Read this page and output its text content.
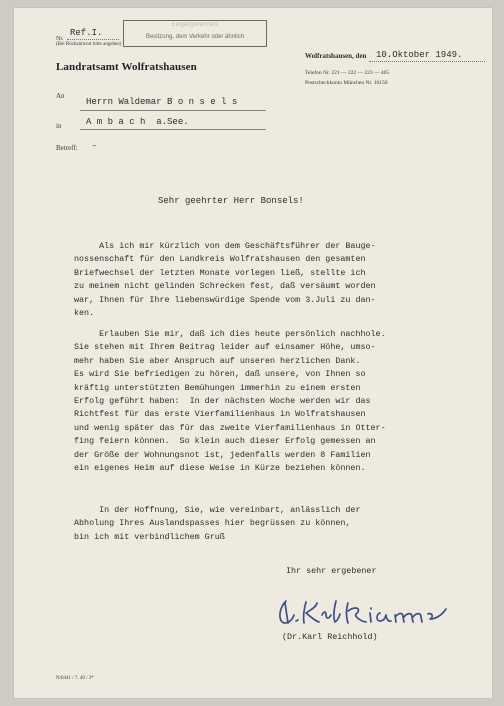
Nr.
Ref.I.
(Bei Rückantwort bitte angeben)
Eingangsvermerk
Besitzung, dem Verkehr oder ähnlich
Landratsamt Wolfratshausen
Wolfratshausen, den 10.Oktober 1949.
Telefon Nr. 221 — 222 — 223 — 405
Postscheckkonto München Nr. 16150
An
Herrn Waldemar B o n s e l s
in	A m b a c h  a.See.
Betreff: –
Sehr geehrter Herr Bonsels!
Als ich mir kürzlich von dem Geschäftsführer der Bauge-
nossenschaft für den Landkreis Wolfratshausen den gesamten
Briefwechsel der letzten Monate vorlegen ließ, stellte ich
zu meinem nicht gelinden Schrecken fest, daß versäumt worden
war, Ihnen für Ihre liebenswürdige Spende vom 3.Juli zu dan-
ken.
Erlauben Sie mir, daß ich dies heute persönlich nachhole.
Sie stehen mit Ihrem Beitrag leider auf einsamer Höhe, umso-
mehr haben Sie aber Anspruch auf unseren herzlichen Dank.
Es wird Sie befriedigen zu hören, daß unsere, von Ihnen so
kräftig unterstützten Bemühungen immerhin zu einem ersten
Erfolg geführt haben:  In der nächsten Woche werden wir das
Richtfest für das erste Vierfamilienhaus in Wolfratshausen
und wenig später das für das zweite Vierfamilienhaus in Otter-
fing feiern können.  So klein auch dieser Erfolg gemessen an
der Größe der Wohnungsnot ist, jedenfalls werden 8 Familien
ein eigenes Heim auf diese Weise in Kürze beziehen können.
In der Hoffnung, Sie, wie vereinbart, anlässlich der
Abholung Ihres Auslandspasses hier begrüssen zu können,
bin ich mit verbindlichem Gruß
Ihr sehr ergebener
(Dr.Karl Reichhold)
N/0441 / 7. 40 / 3*
